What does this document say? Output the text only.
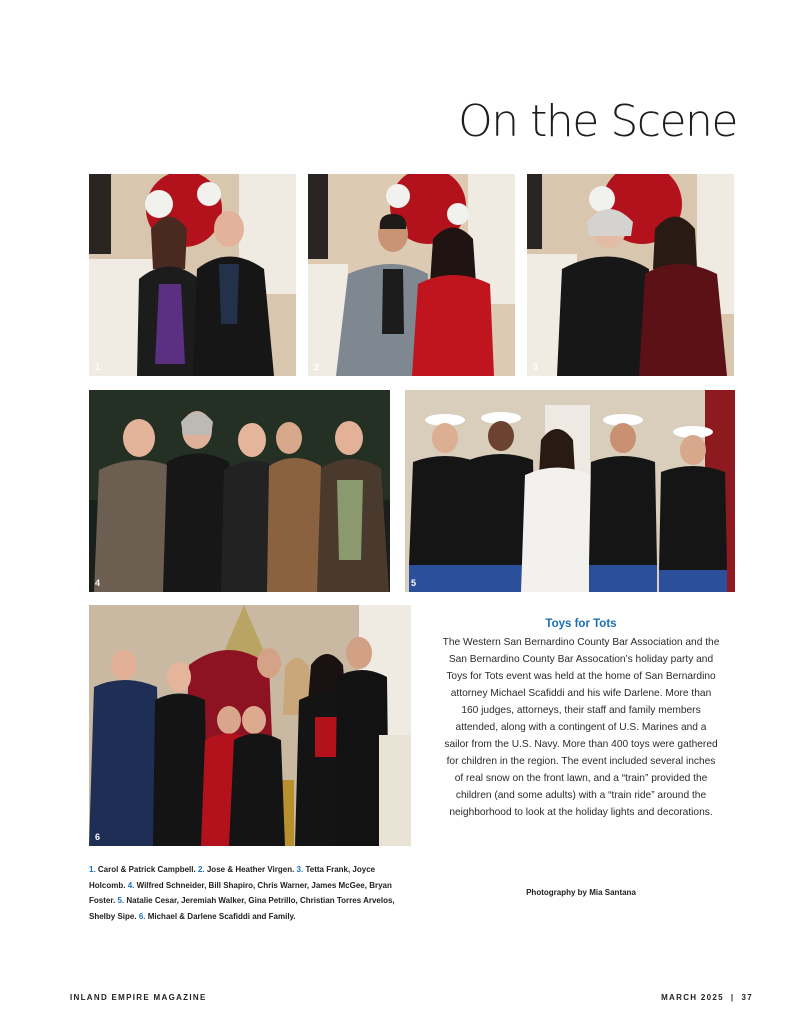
On the Scene
1	2	3
4	5
6
Toys for Tots

The Western San Bernardino County Bar Association and the San Bernardino County Bar Assocation’s holiday party and Toys for Tots event was held at the home of San Bernardino attorney Michael Scafiddi and his wife Darlene. More than 160 judges, attorneys, their staff and family members attended, along with a contingent of U.S. Marines and a sailor from the U.S. Navy. More than 400 toys were gathered for children in the region. The event included several inches of real snow on the front lawn, and a “train” provided the children (and some adults) with a “train ride” around the neighborhood to look at the holiday lights and decorations.

Photography by Mia Santana
1. Carol & Patrick Campbell. 2. Jose & Heather Virgen. 3. Tetta Frank, Joyce Holcomb. 4. Wilfred Schneider, Bill Shapiro, Chris Warner, James McGee, Bryan Foster. 5. Natalie Cesar, Jeremiah Walker, Gina Petrillo, Christian Torres Arvelos, Shelby Sipe. 6. Michael & Darlene Scafiddi and Family.
INLAND EMPIRE MAGAZINE	MARCH 2025  |  37
